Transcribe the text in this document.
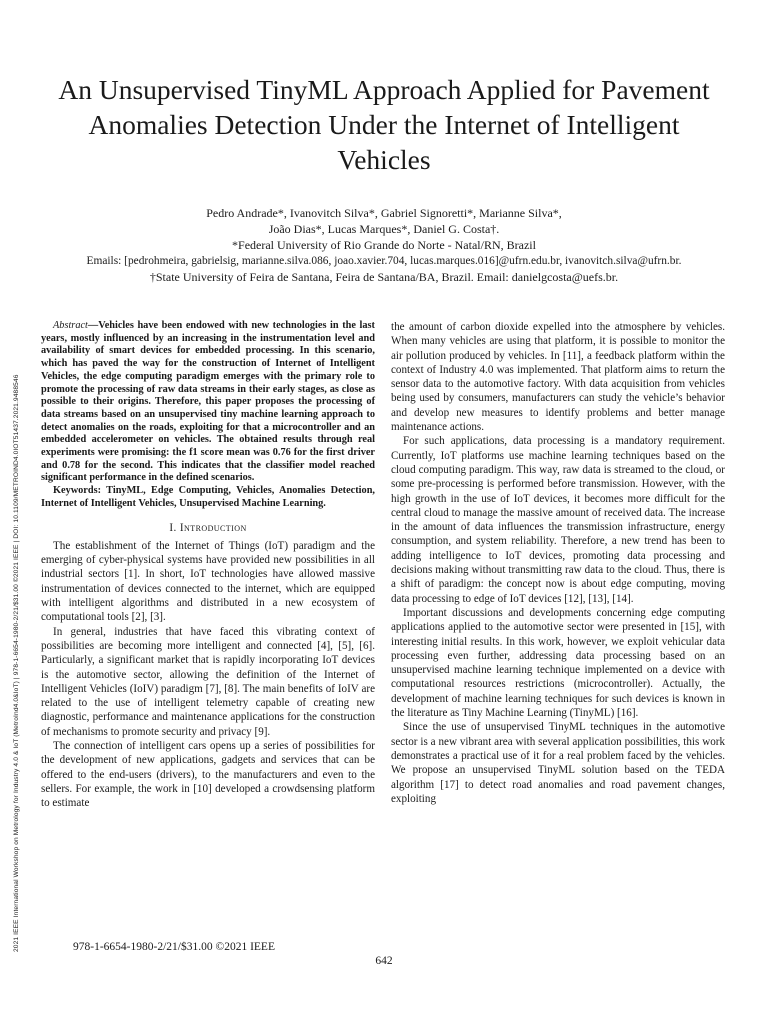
2021 IEEE International Workshop on Metrology for Industry 4.0 & IoT (MetroInd4.0&IoT) | 978-1-6654-1980-2/21/$31.00 ©2021 IEEE | DOI: 10.1109/METROIND4.0IOT51437.2021.9488546
An Unsupervised TinyML Approach Applied for Pavement Anomalies Detection Under the Internet of Intelligent Vehicles
Pedro Andrade*, Ivanovitch Silva*, Gabriel Signoretti*, Marianne Silva*,
João Dias*, Lucas Marques*, Daniel G. Costa†.
*Federal University of Rio Grande do Norte - Natal/RN, Brazil
Emails: [pedrohmeira, gabrielsig, marianne.silva.086, joao.xavier.704, lucas.marques.016]@ufrn.edu.br, ivanovitch.silva@ufrn.br.
†State University of Feira de Santana, Feira de Santana/BA, Brazil. Email: danielgcosta@uefs.br.

Abstract—Vehicles have been endowed with new technologies in the last years, mostly influenced by an increasing in the instrumentation level and availability of smart devices for embedded processing. In this scenario, which has paved the way for the construction of Internet of Intelligent Vehicles, the edge computing paradigm emerges with the primary role to promote the processing of raw data streams in their early stages, as close as possible to their origins. Therefore, this paper proposes the processing of data streams based on an unsupervised tiny machine learning approach to detect anomalies on the roads, exploiting for that a microcontroller and an embedded accelerometer on vehicles. The obtained results through real experiments were promising: the f1 score mean was 0.76 for the first driver and 0.78 for the second. This indicates that the classifier model reached significant performance in the defined scenarios.

Keywords: TinyML, Edge Computing, Vehicles, Anomalies Detection, Internet of Intelligent Vehicles, Unsupervised Machine Learning.

I. Introduction

The establishment of the Internet of Things (IoT) paradigm and the emerging of cyber-physical systems have provided new possibilities in all industrial sectors [1]. In short, IoT technologies have allowed massive instrumentation of devices connected to the internet, which are equipped with intelligent algorithms and distributed in a new ecosystem of computational tools [2], [3].

In general, industries that have faced this vibrating context of possibilities are becoming more intelligent and connected [4], [5], [6]. Particularly, a significant market that is rapidly incorporating IoT devices is the automotive sector, allowing the definition of the Internet of Intelligent Vehicles (IoIV) paradigm [7], [8]. The main benefits of IoIV are related to the use of intelligent telemetry capable of creating new diagnostic, performance and maintenance applications for the construction of mechanisms to promote security and privacy [9].

The connection of intelligent cars opens up a series of possibilities for the development of new applications, gadgets and services that can be offered to the end-users (drivers), to the manufacturers and even to the sellers. For example, the work in [10] developed a crowdsensing platform to estimate

the amount of carbon dioxide expelled into the atmosphere by vehicles. When many vehicles are using that platform, it is possible to monitor the air pollution produced by vehicles. In [11], a feedback platform within the context of Industry 4.0 was implemented. That platform aims to return the sensor data to the automotive factory. With data acquisition from vehicles being used by consumers, manufacturers can study the vehicle’s behavior and develop new measures to identify problems and better manage maintenance actions.

For such applications, data processing is a mandatory requirement. Currently, IoT platforms use machine learning techniques based on the cloud computing paradigm. This way, raw data is streamed to the cloud, or some pre-processing is performed before transmission. However, with the high growth in the use of IoT devices, it becomes more difficult for the central cloud to manage the massive amount of received data. The increase in the amount of data influences the transmission infrastructure, energy consumption, and system reliability. Therefore, a new trend has been to adding intelligence to IoT devices, promoting data processing and decisions making without transmitting raw data to the cloud. Thus, there is a shift of paradigm: the concept now is about edge computing, moving data processing to edge of IoT devices [12], [13], [14].

Important discussions and developments concerning edge computing applications applied to the automotive sector were presented in [15], with interesting initial results. In this work, however, we exploit vehicular data processing even further, addressing data processing based on an unsupervised machine learning technique implemented on a device with computational resources restrictions (microcontroller). Actually, the development of machine learning techniques for such devices is known in the literature as Tiny Machine Learning (TinyML) [16].

Since the use of unsupervised TinyML techniques in the automotive sector is a new vibrant area with several application possibilities, this work demonstrates a practical use of it for a real problem faced by the vehicles. We propose an unsupervised TinyML solution based on the TEDA algorithm [17] to detect road anomalies and road pavement changes, exploiting

978-1-6654-1980-2/21/$31.00 ©2021 IEEE
642
